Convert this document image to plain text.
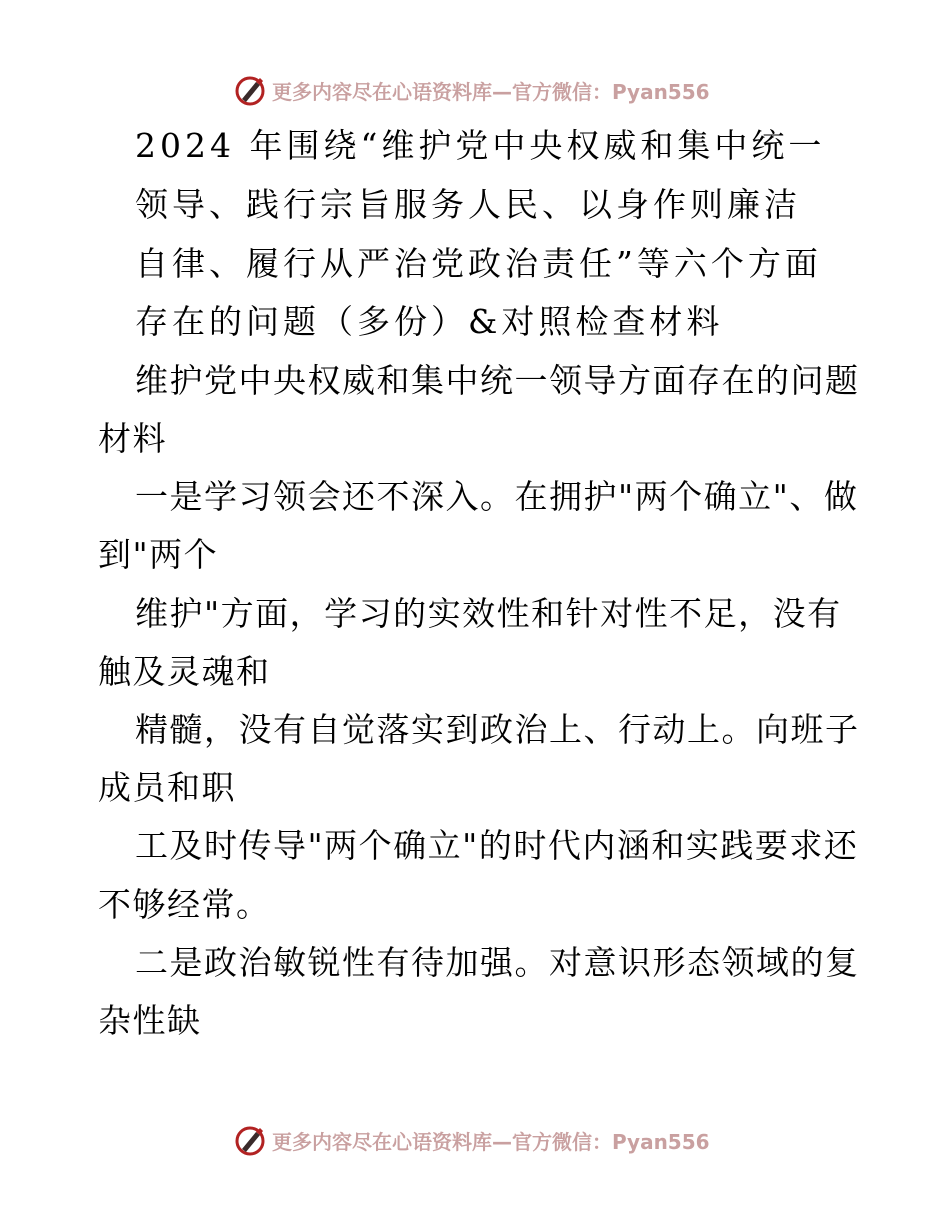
更多内容尽在心语资料库—官方微信：Pyan556
2024 年围绕“维护党中央权威和集中统一
领导、践行宗旨服务人民、以身作则廉洁
自律、履行从严治党政治责任”等六个方面
存在的问题（多份）&对照检查材料
维护党中央权威和集中统一领导方面存在的问题
材料
一是学习领会还不深入。在拥护"两个确立"、做
到"两个
维护"方面，学习的实效性和针对性不足，没有
触及灵魂和
精髓，没有自觉落实到政治上、行动上。向班子
成员和职
工及时传导"两个确立"的时代内涵和实践要求还
不够经常。
二是政治敏锐性有待加强。对意识形态领域的复
杂性缺
更多内容尽在心语资料库—官方微信：Pyan556
